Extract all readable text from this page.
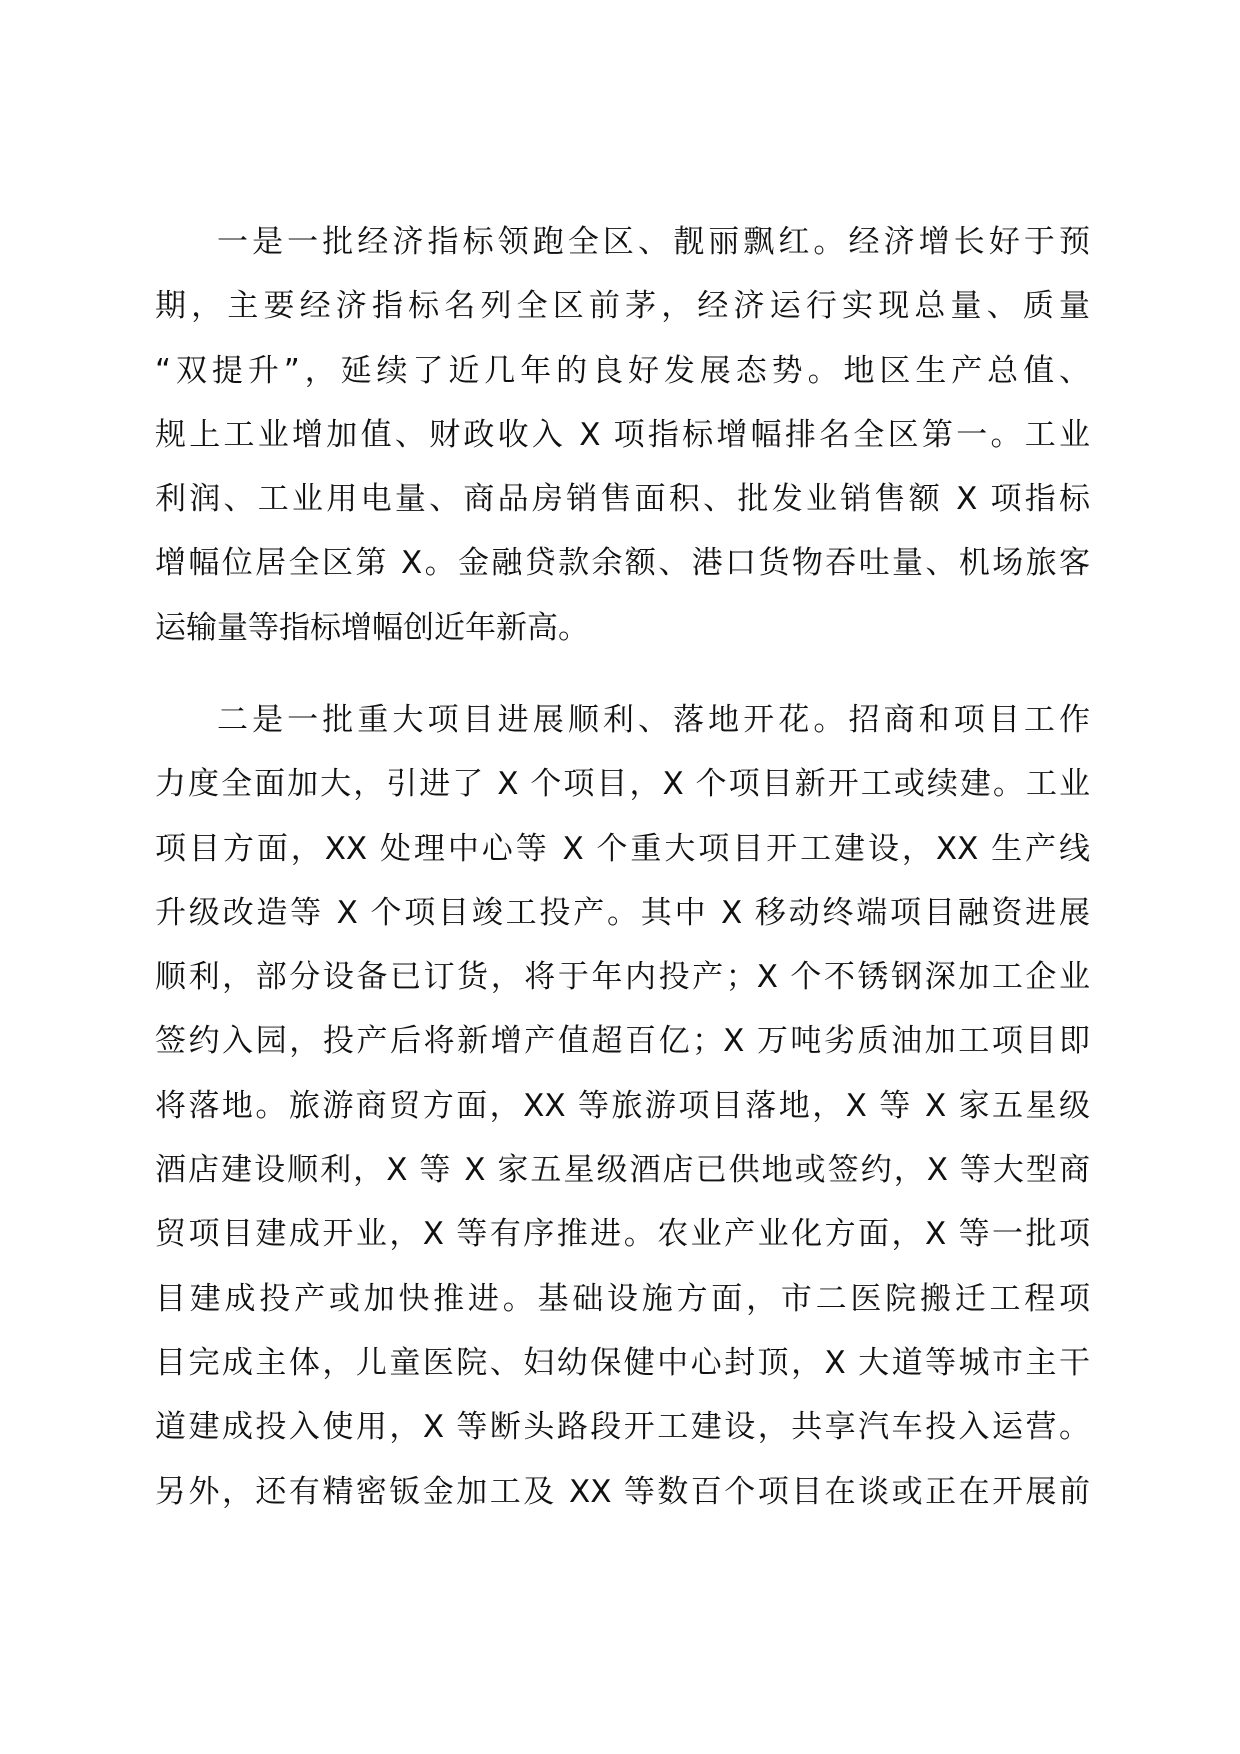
一是一批经济指标领跑全区、靓丽飘红。经济增长好于预
期，主要经济指标名列全区前茅，经济运行实现总量、质量
“双提升”，延续了近几年的良好发展态势。地区生产总值、
规上工业增加值、财政收入 X 项指标增幅排名全区第一。工业
利润、工业用电量、商品房销售面积、批发业销售额 X 项指标
增幅位居全区第 X。金融贷款余额、港口货物吞吐量、机场旅客
运输量等指标增幅创近年新高。
二是一批重大项目进展顺利、落地开花。招商和项目工作
力度全面加大，引进了 X 个项目，X 个项目新开工或续建。工业
项目方面，XX 处理中心等 X 个重大项目开工建设，XX 生产线
升级改造等 X 个项目竣工投产。其中 X 移动终端项目融资进展
顺利，部分设备已订货，将于年内投产；X 个不锈钢深加工企业
签约入园，投产后将新增产值超百亿；X 万吨劣质油加工项目即
将落地。旅游商贸方面，XX 等旅游项目落地，X 等 X 家五星级
酒店建设顺利，X 等 X 家五星级酒店已供地或签约，X 等大型商
贸项目建成开业，X 等有序推进。农业产业化方面，X 等一批项
目建成投产或加快推进。基础设施方面，市二医院搬迁工程项
目完成主体，儿童医院、妇幼保健中心封顶，X 大道等城市主干
道建成投入使用，X 等断头路段开工建设，共享汽车投入运营。
另外，还有精密钣金加工及 XX 等数百个项目在谈或正在开展前
